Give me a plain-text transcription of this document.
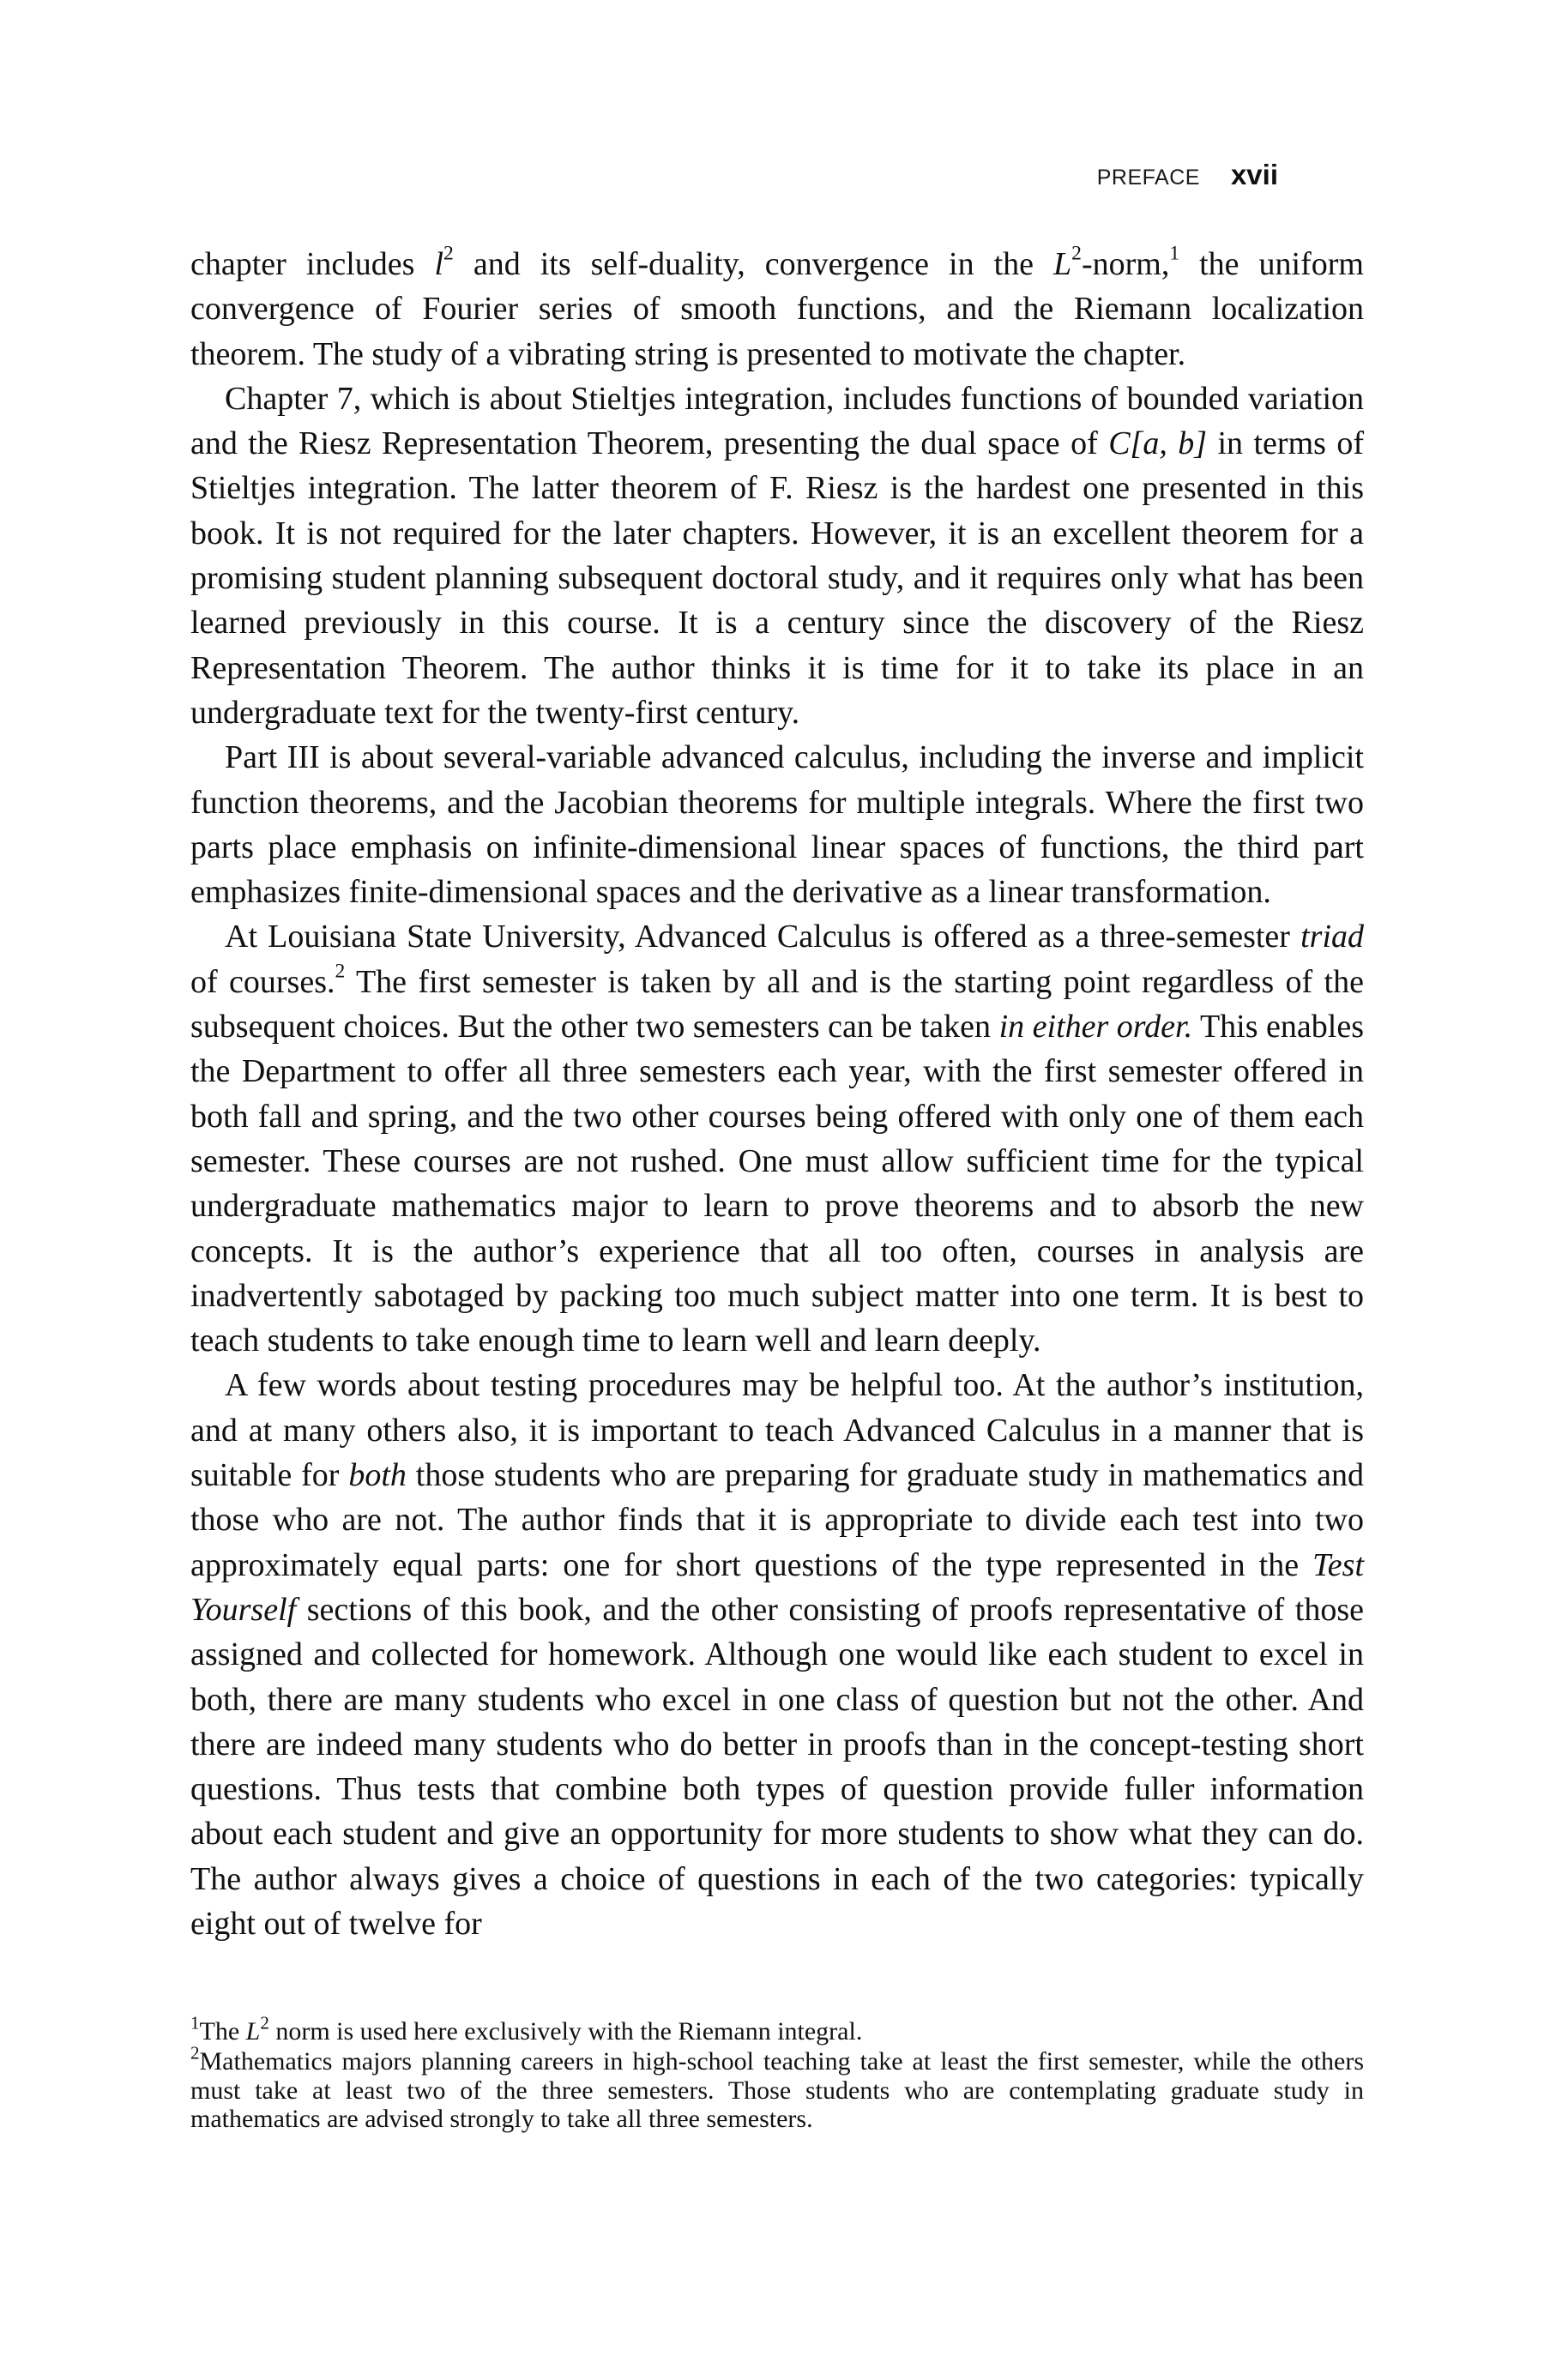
PREFACE xvii

chapter includes $l^2$ and its self-duality, convergence in the $L^2-norm,^1$ the uniform convergence of Fourier series of smooth functions, and the Riemann localization theorem. The study of a vibrating string is presented to motivate the chapter.

Chapter 7, which is about Stieltjes integration, includes functions of bounded variation and the Riesz Representation Theorem, presenting the dual space of C[a, b] in terms of Stieltjes integration. The latter theorem of F. Riesz is the hardest one presented in this book. It is not required for the later chapters. However, it is an excellent theorem for a promising student planning subsequent doctoral study, and it requires only what has been learned previously in this course. It is a century since the discovery of the Riesz Representation Theorem. The author thinks it is time for it to take its place in an undergraduate text for the twenty-first century.

Part III is about several-variable advanced calculus, including the inverse and implicit function theorems, and the Jacobian theorems for multiple integrals. Where the first two parts place emphasis on infinite-dimensional linear spaces of functions, the third part emphasizes finite-dimensional spaces and the derivative as a linear transformation.

At Louisiana State University, Advanced Calculus is offered as a three-semester triad of courses.$^2$ The first semester is taken by all and is the starting point regardless of the subsequent choices. But the other two semesters can be taken in either order. This enables the Department to offer all three semesters each year, with the first semester offered in both fall and spring, and the two other courses being offered with only one of them each semester. These courses are not rushed. One must allow sufficient time for the typical undergraduate mathematics major to learn to prove theorems and to absorb the new concepts. It is the author’s experience that all too often, courses in analysis are inadvertently sabotaged by packing too much subject matter into one term. It is best to teach students to take enough time to learn well and learn deeply.

A few words about testing procedures may be helpful too. At the author’s institution, and at many others also, it is important to teach Advanced Calculus in a manner that is suitable for both those students who are preparing for graduate study in mathematics and those who are not. The author finds that it is appropriate to divide each test into two approximately equal parts: one for short questions of the type represented in the Test Yourself sections of this book, and the other consisting of proofs representative of those assigned and collected for homework. Although one would like each student to excel in both, there are many students who excel in one class of question but not the other. And there are indeed many students who do better in proofs than in the concept-testing short questions. Thus tests that combine both types of question provide fuller information about each student and give an opportunity for more students to show what they can do. The author always gives a choice of questions in each of the two categories: typically eight out of twelve for

$^1$The $L^2$ norm is used here exclusively with the Riemann integral.

$^2$Mathematics majors planning careers in high-school teaching take at least the first semester, while the others must take at least two of the three semesters. Those students who are contemplating graduate study in mathematics are advised strongly to take all three semesters.
